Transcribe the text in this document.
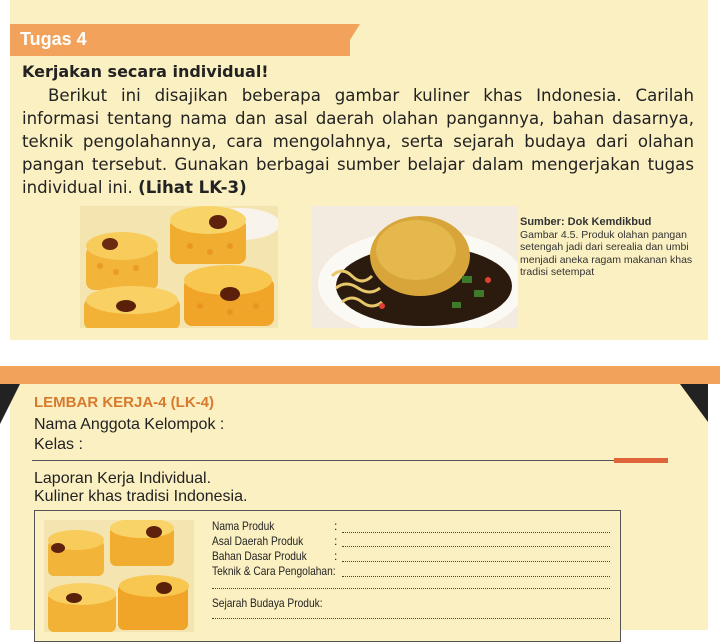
Tugas 4
Kerjakan secara individual!
Berikut ini disajikan beberapa gambar kuliner khas Indonesia. Carilah informasi tentang nama dan asal daerah olahan pangannya, bahan dasarnya, teknik pengolahannya, cara mengolahnya, serta sejarah budaya dari olahan pangan tersebut. Gunakan berbagai sumber belajar dalam mengerjakan tugas individual ini. (Lihat LK-3)
Sumber: Dok Kemdikbud
Gambar 4.5. Produk olahan pangan setengah jadi dari serealia dan umbi menjadi aneka ragam makanan khas tradisi setempat
LEMBAR KERJA-4 (LK-4)
Nama Anggota Kelompok :
Kelas :
Laporan Kerja Individual.
Kuliner khas tradisi Indonesia.
Nama Produk	:
Asal Daerah Produk	:
Bahan Dasar Produk :
Teknik & Cara Pengolahan:
Sejarah Budaya Produk:
